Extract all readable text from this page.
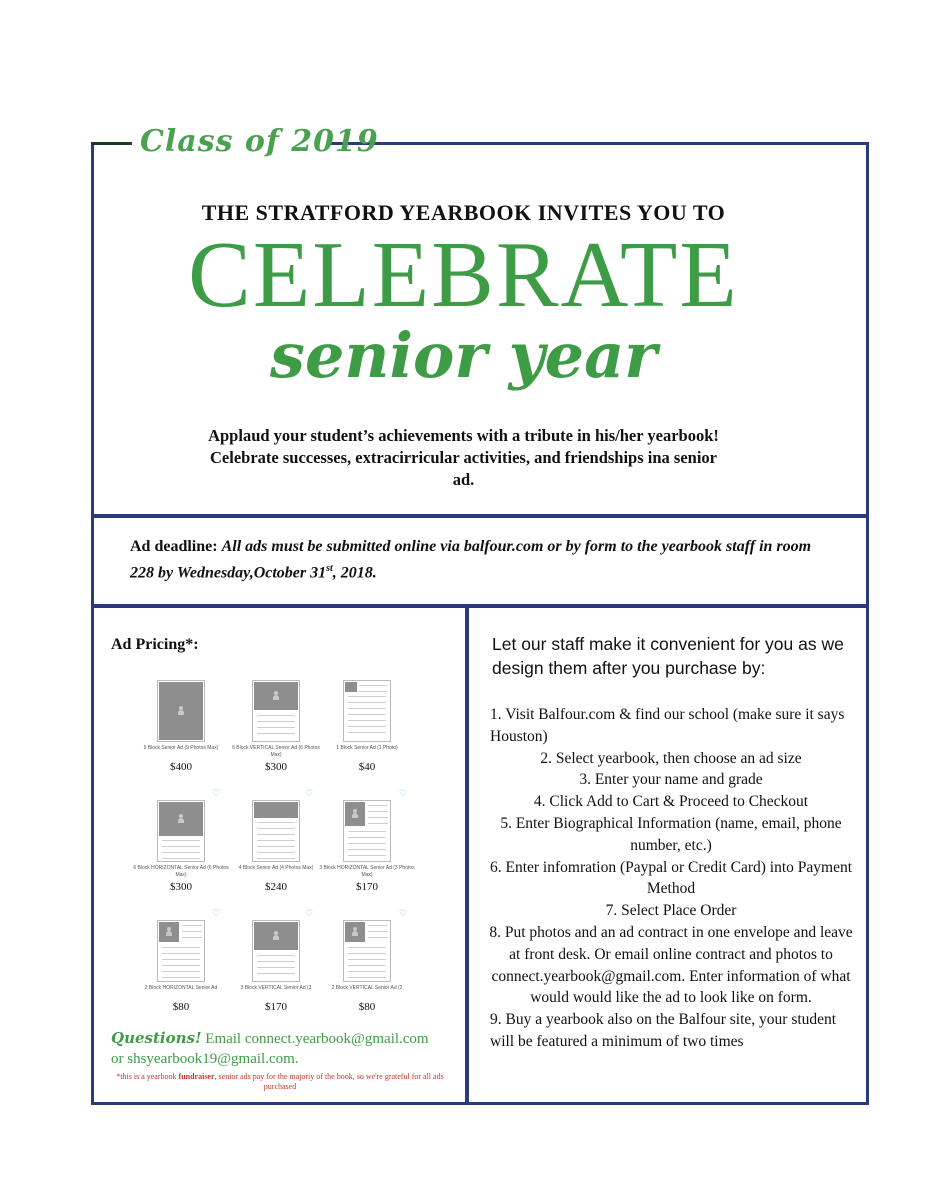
Class of 2019
THE STRATFORD YEARBOOK INVITES YOU TO
CELEBRATE
senior year
Applaud your student’s achievements with a tribute in his/her yearbook! Celebrate successes, extracirricular activities, and friendships ina senior ad.
Ad deadline: All ads must be submitted online via balfour.com or by form to the yearbook staff in room 228 by Wednesday,October 31st, 2018.
Ad Pricing*:
9 Block Senior Ad (9 Photos Max)
$400
6 Block VERTICAL Senior Ad (6 Photos Max)
$300
1 Block Senior Ad (1 Photo)
$40
♡	♡	♡
6 Block HORIZONTAL Senior Ad (6 Photos Max)
$300
4 Block Senior Ad (4 Photos Max)
$240
3 Block HORIZONTAL Senior Ad (3 Photos Max)
$170
♡	♡	♡
2 Block HORIZONTAL Senior Ad
$80
3 Block VERTICAL Senior Ad (3
$170
2 Block VERTICAL Senior Ad (2
$80
Questions! Email connect.yearbook@gmail.com
or shsyearbook19@gmail.com.
*this is a yearbook fundraiser, senior ads pay for the majoriy of the book, so we're grateful for all ads purchased
Let our staff make it convenient for you as we design them after you purchase by:
1. Visit Balfour.com & find our school (make sure it says Houston)
2. Select yearbook, then choose an ad size
3. Enter your name and grade
4. Click Add to Cart & Proceed to Checkout
5. Enter Biographical Information (name, email, phone number, etc.)
6. Enter infomration (Paypal or Credit Card) into Payment Method
7. Select Place Order
8. Put photos and an ad contract in one envelope and leave at front desk. Or email online contract and photos to connect.yearbook@gmail.com. Enter information of what would would like the ad to look like on form.
9. Buy a yearbook also on the Balfour site, your student will be featured a minimum of two times
